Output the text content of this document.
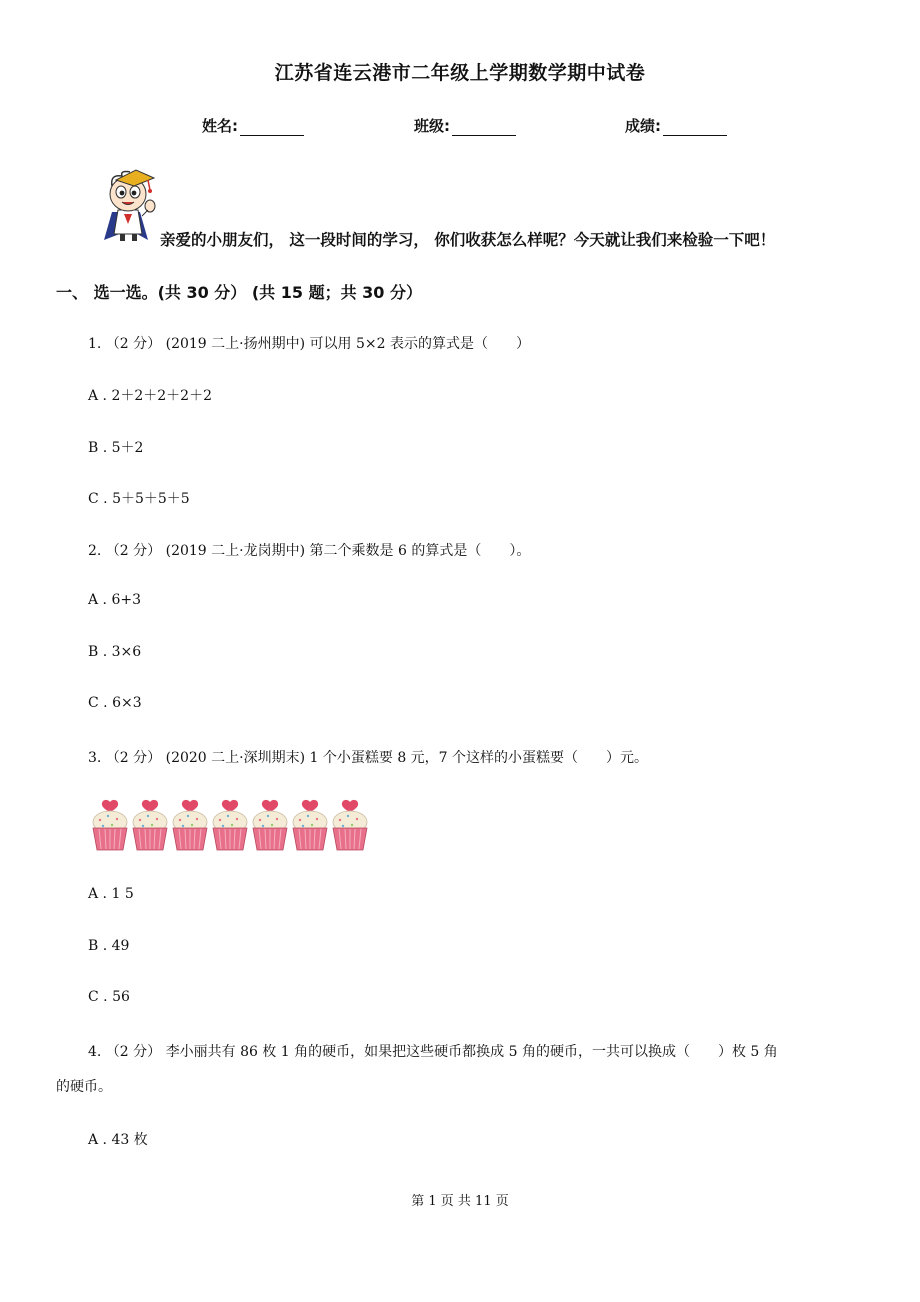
江苏省连云港市二年级上学期数学期中试卷
姓名:	班级:	成绩:
亲爱的小朋友们， 这一段时间的学习， 你们收获怎么样呢？今天就让我们来检验一下吧！
一、 选一选。(共 30 分） (共 15 题；共 30 分）
1. （2 分） (2019 二上·扬州期中) 可以用 5×2 表示的算式是（　　）
A . 2＋2＋2＋2＋2
B . 5＋2
C . 5＋5＋5＋5
2. （2 分） (2019 二上·龙岗期中) 第二个乘数是 6 的算式是（　　）。
A . 6+3
B . 3×6
C . 6×3
3. （2 分） (2020 二上·深圳期末) 1 个小蛋糕要 8 元，7 个这样的小蛋糕要（　　）元。
A . 1 5
B . 49
C . 56
4. （2 分） 李小丽共有 86 枚 1 角的硬币，如果把这些硬币都换成 5 角的硬币，一共可以换成（　　）枚 5 角
的硬币。
A . 43 枚
第 1 页 共 11 页
